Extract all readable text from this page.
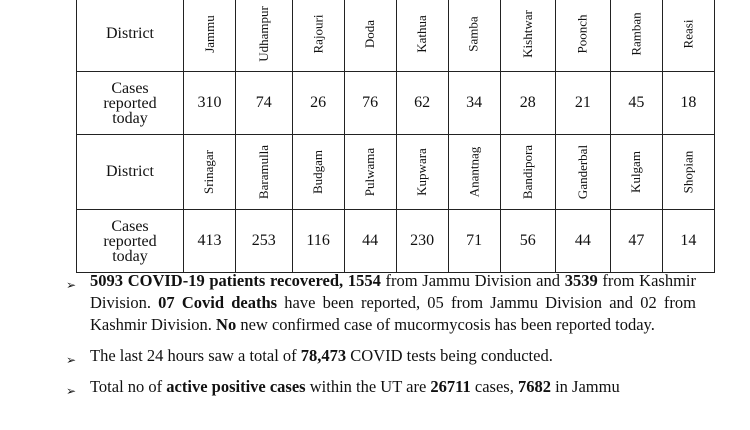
District	Jammu	Udhampur	Rajouri	Doda	Kathua	Samba	Kishtwar	Poonch	Ramban	Reasi
Cases
reported
today	310	74	26	76	62	34	28	21	45	18
District	Srinagar	Baramulla	Budgam	Pulwama	Kupwara	Anantnag	Bandipora	Ganderbal	Kulgam	Shopian
Cases
reported
today	413	253	116	44	230	71	56	44	47	14
➢ 5093 COVID-19 patients recovered, 1554 from Jammu Division and 3539 from Kashmir Division. 07 Covid deaths have been reported, 05 from Jammu Division and 02 from Kashmir Division. No new confirmed case of mucormycosis has been reported today.
➢ The last 24 hours saw a total of 78,473 COVID tests being conducted.
➢ Total no of active positive cases within the UT are 26711 cases, 7682 in Jammu
